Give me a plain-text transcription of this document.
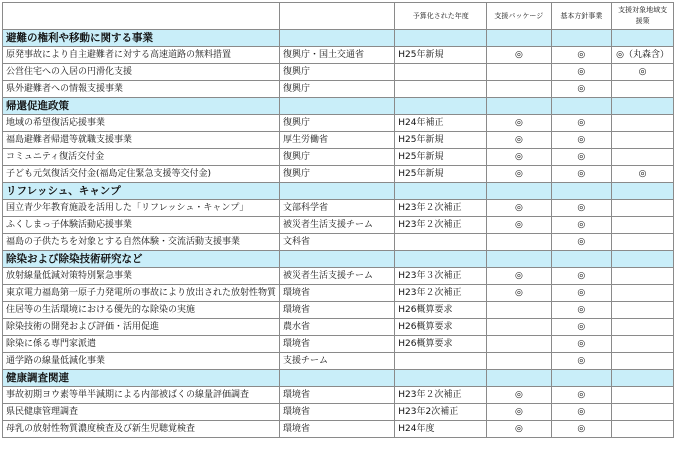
		予算化された年度	支援パッケージ	基本方針事業	支援対象地域支援策
避難の権利や移動に関する事業					
原発事故により自主避難者に対する高速道路の無料措置	復興庁・国土交通省	H25年新規	◎	◎	◎（丸森含）
公営住宅への入居の円滑化支援	復興庁			◎	◎
県外避難者への情報支援事業	復興庁			◎	
帰還促進政策					
地域の希望復活応援事業	復興庁	H24年補正	◎	◎	
福島避難者帰還等就職支援事業	厚生労働省	H25年新規	◎	◎	
コミュニティ復活交付金	復興庁	H25年新規	◎	◎	
子ども元気復活交付金(福島定住緊急支援等交付金)	復興庁	H25年新規	◎	◎	◎
リフレッシュ、キャンプ					
国立青少年教育施設を活用した「リフレッシュ・キャンプ」	文部科学省	H23年２次補正	◎	◎	
ふくしまっ子体験活動応援事業	被災者生活支援チーム	H23年２次補正	◎	◎	
福島の子供たちを対象とする自然体験・交流活動支援事業	文科省			◎	
除染および除染技術研究など					
放射線量低減対策特別緊急事業	被災者生活支援チーム	H23年３次補正	◎	◎	
東京電力福島第一原子力発電所の事故により放出された放射性物質	環境省	H23年２次補正	◎	◎	
住居等の生活環境における優先的な除染の実施	環境省	H26概算要求		◎	
除染技術の開発および評価・活用促進	農水省	H26概算要求		◎	
除染に係る専門家派遣	環境省	H26概算要求		◎	
通学路の線量低減化事業	支援チーム			◎	
健康調査関連					
事故初期ヨウ素等単半減期による内部被ばくの線量評価調査	環境省	H23年２次補正	◎	◎	
県民健康管理調査	環境省	H23年2次補正	◎	◎	
母乳の放射性物質濃度検査及び新生児聴覚検査	環境省	H24年度	◎	◎	
